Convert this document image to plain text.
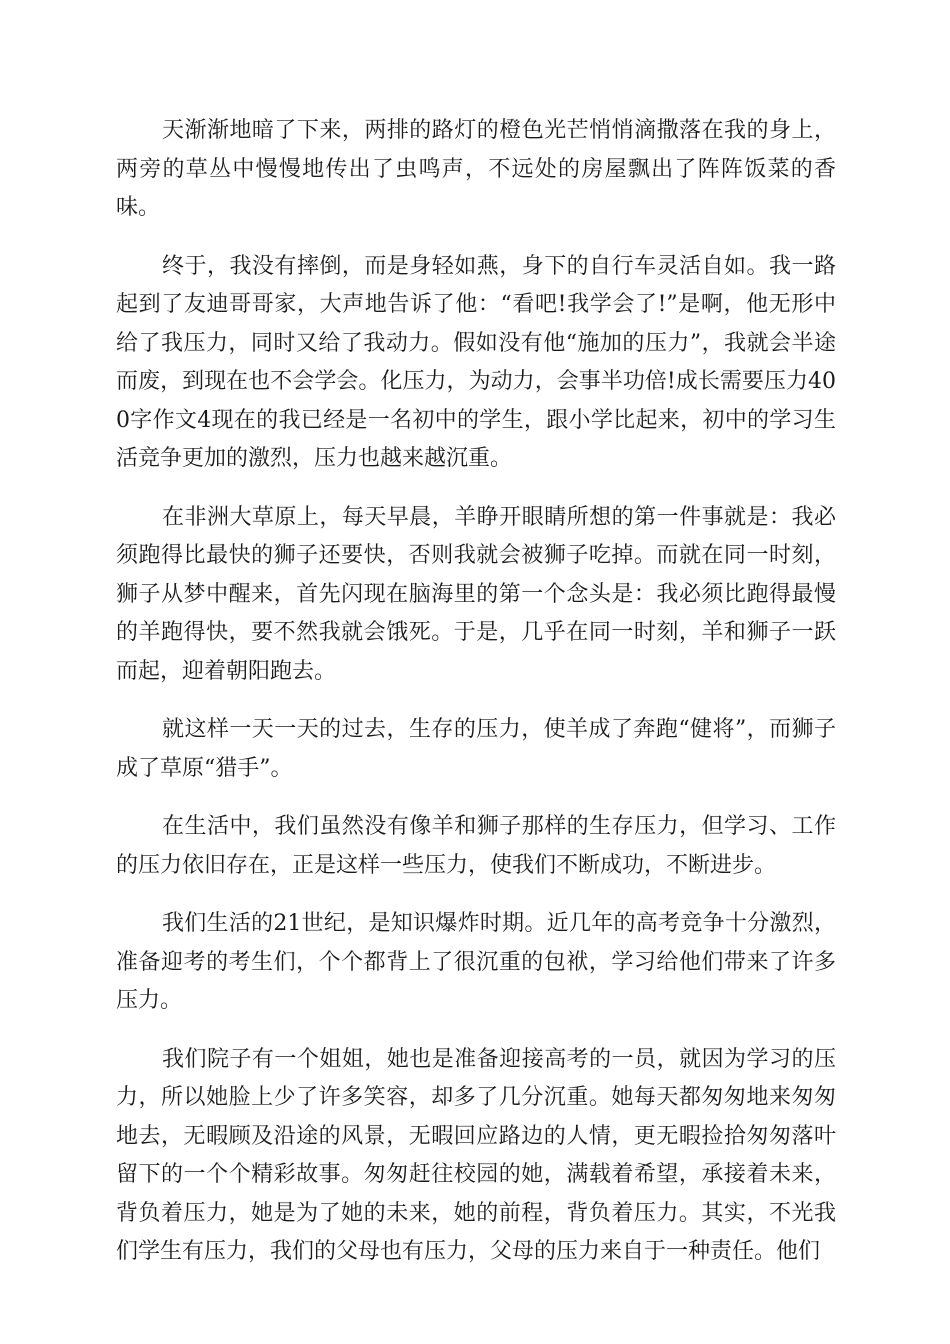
天渐渐地暗了下来，两排的路灯的橙色光芒悄悄滴撒落在我的身上，两旁的草丛中慢慢地传出了虫鸣声，不远处的房屋飘出了阵阵饭菜的香味。

终于，我没有摔倒，而是身轻如燕，身下的自行车灵活自如。我一路起到了友迪哥哥家，大声地告诉了他：“看吧!我学会了!”是啊，他无形中给了我压力，同时又给了我动力。假如没有他“施加的压力”，我就会半途而废，到现在也不会学会。化压力，为动力，会事半功倍!成长需要压力400字作文4现在的我已经是一名初中的学生，跟小学比起来，初中的学习生活竞争更加的激烈，压力也越来越沉重。

在非洲大草原上，每天早晨，羊睁开眼睛所想的第一件事就是：我必须跑得比最快的狮子还要快，否则我就会被狮子吃掉。而就在同一时刻，狮子从梦中醒来，首先闪现在脑海里的第一个念头是：我必须比跑得最慢的羊跑得快，要不然我就会饿死。于是，几乎在同一时刻，羊和狮子一跃而起，迎着朝阳跑去。

就这样一天一天的过去，生存的压力，使羊成了奔跑“健将”，而狮子成了草原“猎手”。

在生活中，我们虽然没有像羊和狮子那样的生存压力，但学习、工作的压力依旧存在，正是这样一些压力，使我们不断成功，不断进步。

我们生活的21世纪，是知识爆炸时期。近几年的高考竞争十分激烈，准备迎考的考生们，个个都背上了很沉重的包袱，学习给他们带来了许多压力。

我们院子有一个姐姐，她也是准备迎接高考的一员，就因为学习的压力，所以她脸上少了许多笑容，却多了几分沉重。她每天都匆匆地来匆匆地去，无暇顾及沿途的风景，无暇回应路边的人情，更无暇捡拾匆匆落叶留下的一个个精彩故事。匆匆赶往校园的她，满载着希望，承接着未来，背负着压力，她是为了她的未来，她的前程，背负着压力。其实，不光我们学生有压力，我们的父母也有压力，父母的压力来自于一种责任。他们
